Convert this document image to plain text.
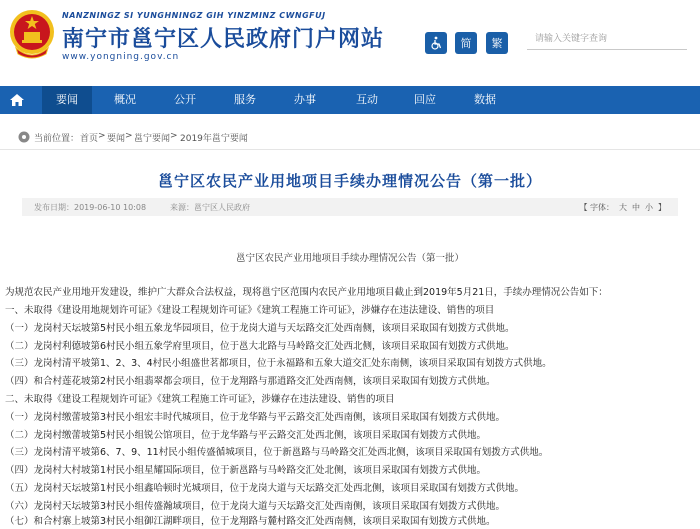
NANZNINGZ SI YUNGHNINGZ GIH YINZMINZ CWNGFUJ
南宁市邕宁区人民政府门户网站
www.yongning.gov.cn
简	繁
请输入关键字查询
要闻	概况	公开	服务	办事	互动	回应	数据
当前位置： 首页 > 要闻 > 邕宁要闻 > 2019年邕宁要闻
邕宁区农民产业用地项目手续办理情况公告（第一批）
发布日期：2019-06-10 10:08	来源：邕宁区人民政府	【 字体： 大 中 小 】
邕宁区农民产业用地项目手续办理情况公告（第一批）
为规范农民产业用地开发建设，维护广大群众合法权益，现将邕宁区范围内农民产业用地项目截止到2019年5月21日，手续办理情况公告如下：
一、未取得《建设用地规划许可证》《建设工程规划许可证》《建筑工程施工许可证》，涉嫌存在违法建设、销售的项目
（一）龙岗村天坛坡第5村民小组五象龙华园项目，位于龙岗大道与天坛路交汇处西南侧，该项目采取国有划拨方式供地。
（二）龙岗村利德坡第6村民小组五象学府里项目，位于邕大北路与马岭路交汇处西北侧，该项目采取国有划拨方式供地。
（三）龙岗村清平坡第1、2、3、4村民小组盛世茗都项目，位于永福路和五象大道交汇处东南侧，该项目采取国有划拨方式供地。
（四）和合村莲花坡第2村民小组翡翠都会项目，位于龙翔路与那逍路交汇处西南侧，该项目采取国有划拨方式供地。
二、未取得《建设工程规划许可证》《建筑工程施工许可证》，涉嫌存在违法建设、销售的项目
（一）龙岗村缴蕾坡第3村民小组宏丰时代城项目，位于龙华路与平云路交汇处西南侧，该项目采取国有划拨方式供地。
（二）龙岗村缴蕾坡第5村民小组锐公馆项目，位于龙华路与平云路交汇处西北侧，该项目采取国有划拨方式供地。
（三）龙岗村清平坡第6、7、9、11村民小组传盛循城项目，位于新邕路与马岭路交汇处西北侧，该项目采取国有划拨方式供地。
（四）龙岗村大村坡第1村民小组星耀国际项目，位于新邕路与马岭路交汇处北侧，该项目采取国有划拨方式供地。
（五）龙岗村天坛坡第1村民小组鑫哈顿时光城项目，位于龙岗大道与天坛路交汇处西北侧，该项目采取国有划拨方式供地。
（六）龙岗村天坛坡第3村民小组传盛瀚域项目，位于龙岗大道与天坛路交汇处西南侧，该项目采取国有划拨方式供地。
（七）和合村寨上坡第3村民小组御江湖畔项目，位于龙翔路与麓村路交汇处西南侧，该项目采取国有划拨方式供地。
